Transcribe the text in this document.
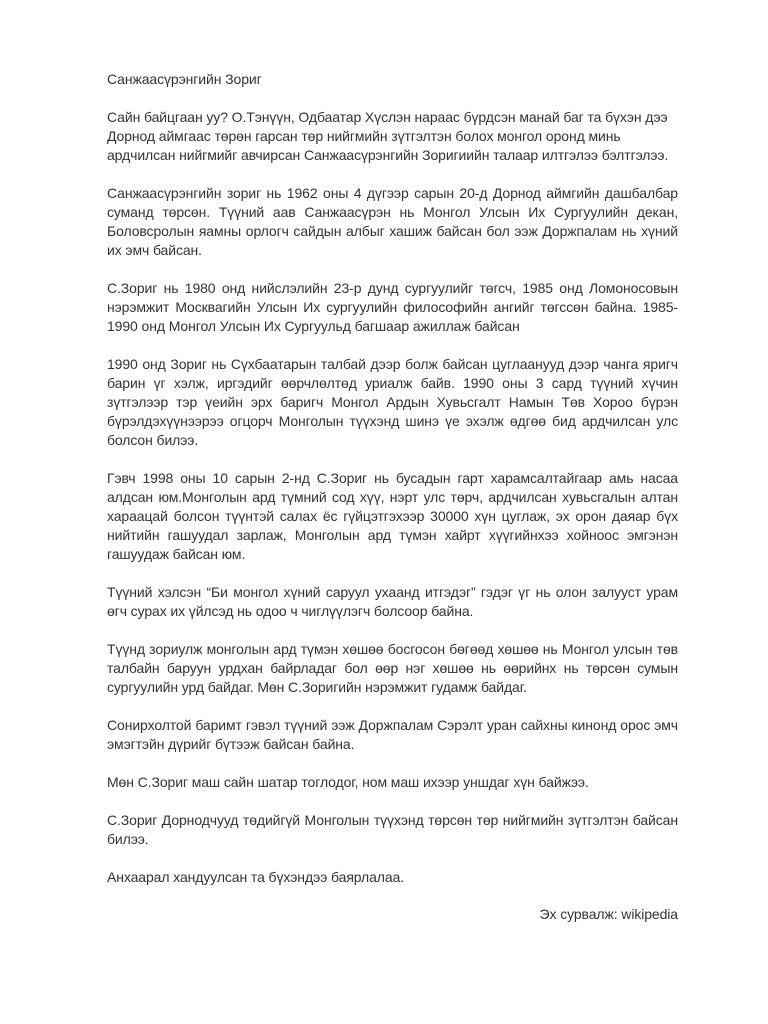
Санжаасүрэнгийн Зориг
Сайн байцгаан уу? О.Тэнүүн, Одбаатар Хүслэн нараас бүрдсэн манай баг та бүхэн дээ Дорнод аймгаас төрөн гарсан төр нийгмийн зүтгэлтэн болох монгол оронд минь ардчилсан нийгмийг авчирсан Санжаасүрэнгийн Зоригиийн талаар илтгэлээ бэлтгэлээ.
Санжаасүрэнгийн зориг нь 1962 оны 4 дүгээр сарын 20-д Дорнод аймгийн дашбалбар суманд төрсөн. Түүний аав Санжаасүрэн нь Монгол Улсын Их Сургуулийн декан, Боловсролын яамны орлогч сайдын албыг хашиж байсан бол ээж Доржпалам нь хүний их эмч байсан.
С.Зориг нь 1980 онд нийслэлийн 23-р дунд сургуулийг төгсч, 1985 онд Ломоносовын нэрэмжит Москвагийн Улсын Их сургуулийн философийн ангийг төгссөн байна. 1985-1990 онд Монгол Улсын Их Сургуульд багшаар ажиллаж байсан
1990 онд Зориг нь Сүхбаатарын талбай дээр болж байсан цуглаанууд дээр чанга яригч барин үг хэлж, иргэдийг өөрчлөлтөд уриалж байв. 1990 оны 3 сард түүний хүчин зүтгэлээр тэр үеийн эрх баригч Монгол Ардын Хувьсгалт Намын Төв Хороо бүрэн бүрэлдэхүүнээрээ огцорч Монголын түүхэнд шинэ үе эхэлж өдгөө бид ардчилсан улс болсон билээ.
Гэвч 1998 оны 10 сарын 2-нд С.Зориг нь бусадын гарт харамсалтайгаар амь насаа алдсан юм.Монголын ард түмний сод хүү, нэрт улс төрч, ардчилсан хувьсгалын алтан хараацай болсон түүнтэй салах ёс гүйцэтгэхээр 30000 хүн цуглаж, эх орон даяар бүх нийтийн гашуудал зарлаж, Монголын ард түмэн хайрт хүүгийнхээ хойноос эмгэнэн гашуудаж байсан юм.
Түүний хэлсэн “Би монгол хүний саруул ухаанд итгэдэг” гэдэг үг нь олон залууст урам өгч сурах их үйлсэд нь одоо ч чиглүүлэгч болсоор байна.
Түүнд зориулж монголын ард түмэн хөшөө босгосон бөгөөд хөшөө нь Монгол улсын төв талбайн баруун урдхан байрладаг бол өөр нэг хөшөө нь өөрийнх нь төрсөн сумын сургуулийн урд байдаг. Мөн С.Зоригийн нэрэмжит гудамж байдаг.
Сонирхолтой баримт гэвэл түүний ээж Доржпалам Сэрэлт уран сайхны кинонд орос эмч эмэгтэйн дүрийг бүтээж байсан байна.
Мөн С.Зориг маш сайн шатар тоглодог, ном маш ихээр уншдаг хүн байжээ.
С.Зориг Дорнодчууд төдийгүй Монголын түүхэнд төрсөн төр нийгмийн зүтгэлтэн байсан билээ.
Анхаарал хандуулсан та бүхэндээ баярлалаа.
Эх сурвалж: wikipedia
